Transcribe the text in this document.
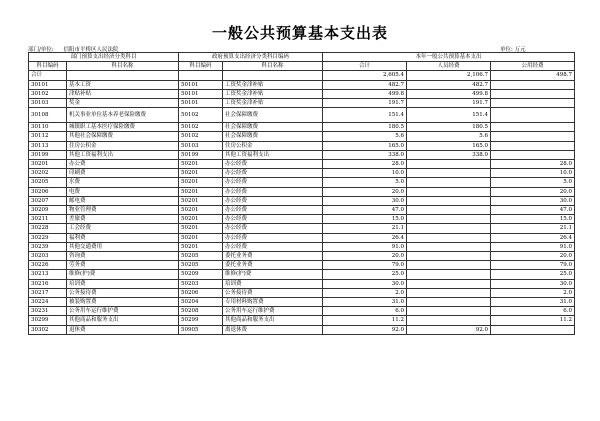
一般公共预算基本支出表
部门/单位: 信阳市平桥区人民法院	单位: 万元
部门预算支出经济分类科目		政府预算支出经济分类科目编码		本年一般公共预算基本支出		
科目编码	科目名称	科目编码	科目名称	合计	人员经费	公用经费
合计				2,605.4	2,106.7	498.7
30101	基本工资	50101	工资奖金津补贴	482.7	482.7	
30102	津贴补贴	50101	工资奖金津补贴	499.8	499.8	
30103	奖金	50101	工资奖金津补贴	191.7	191.7	
30108	机关事业单位基本养老保险缴费	50102	社会保障缴费	151.4	151.4	
30110	城镇职工基本医疗保险缴费	50102	社会保障缴费	180.5	180.5	
30112	其他社会保障缴费	50102	社会保障缴费	5.6	5.6	
30113	住房公积金	50103	住房公积金	165.0	165.0	
30199	其他工资福利支出	50199	其他工资福利支出	338.0	338.0	
30201	办公费	50201	办公经费	28.0		28.0
30202	印刷费	50201	办公经费	10.0		10.0
30205	水费	50201	办公经费	5.0		5.0
30206	电费	50201	办公经费	20.0		20.0
30207	邮电费	50201	办公经费	30.0		30.0
30209	物业管理费	50201	办公经费	47.0		47.0
30211	差旅费	50201	办公经费	15.0		15.0
30228	工会经费	50201	办公经费	21.1		21.1
30229	福利费	50201	办公经费	26.4		26.4
30239	其他交通费用	50201	办公经费	91.0		91.0
30203	咨询费	50205	委托业务费	20.0		20.0
30226	劳务费	50205	委托业务费	79.0		79.0
30213	维修(护)费	50209	维修(护)费	25.0		25.0
30216	培训费	50203	培训费	30.0		30.0
30217	公务接待费	50206	公务接待费	2.0		2.0
30224	被装购置费	50204	专用材料购置费	31.0		31.0
30231	公务用车运行维护费	50208	公务用车运行维护费	6.0		6.0
30299	其他商品和服务支出	50299	其他商品和服务支出	11.2		11.2
30302	退休费	50905	离退休费	92.0	92.0	
